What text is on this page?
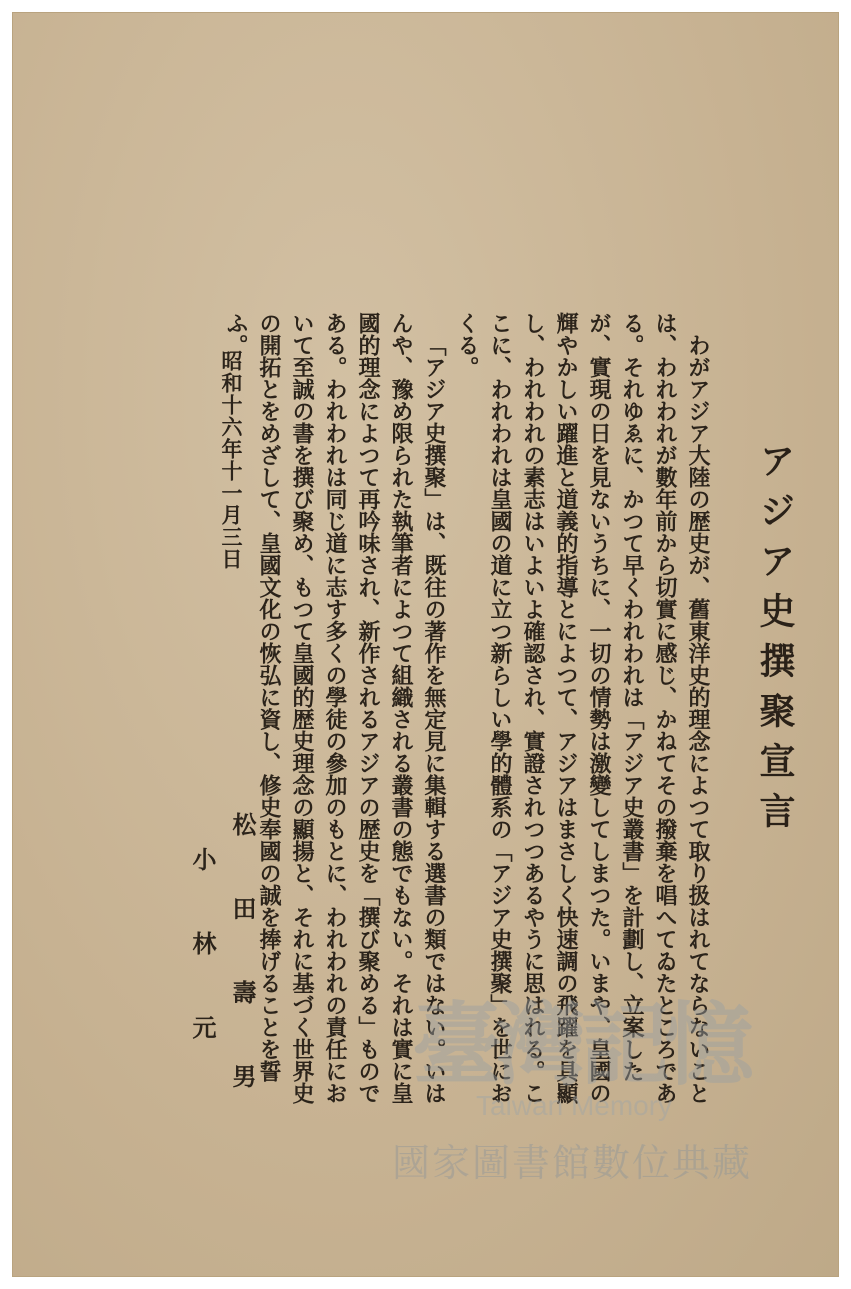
アジア史撰聚宣言

わがアジア大陸の歴史が、舊東洋史的理念によつて取り扱はれてならないことは、われわれが數年前から切實に感じ、かねてその撥棄を唱へてゐたところである。それゆゑに、かつて早くわれわれは「アジア史叢書」を計劃し、立案したが、實現の日を見ないうちに、一切の情勢は激變してしまつた。いまや、皇國の輝やかしい躍進と道義的指導とによつて、アジアはまさしく快速調の飛躍を具顯し、われわれの素志はいよいよ確認され、實證されつつあるやうに思はれる。ここに、われわれは皇國の道に立つ新らしい學的體系の「アジア史撰聚」を世におくる。

「アジア史撰聚」は、既往の著作を無定見に集輯する選書の類ではない。いはんや、豫め限られた執筆者によつて組織される叢書の態でもない。それは實に皇國的理念によつて再吟味され、新作されるアジアの歴史を「撰び聚める」ものである。われわれは同じ道に志す多くの學徒の參加のもとに、われわれの責任において至誠の書を撰び聚め、もつて皇國的歴史理念の顯揚と、それに基づく世界史の開拓とをめざして、皇國文化の恢弘に資し、修史奉國の誠を捧げることを誓ふ。

昭和十六年十一月三日
松田壽男
小林元 臺灣記憶
Taiwan Memory
國家圖書館數位典藏
